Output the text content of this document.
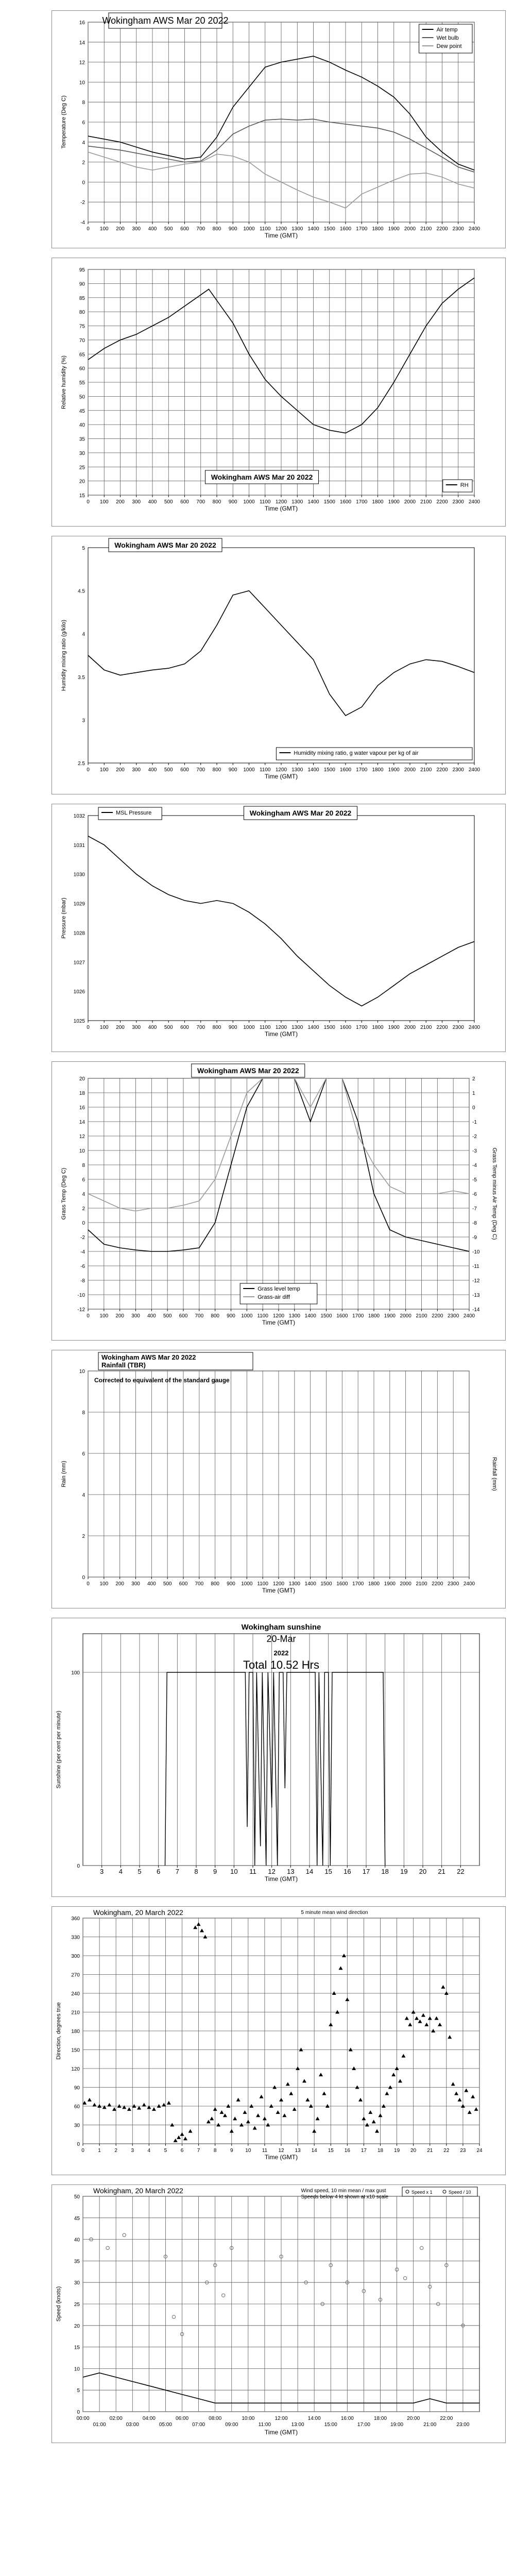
-4
-2
0
2
4
6
8
10
12
14
16
0 100 200 300 400 500 600 700 800 900 1000 1100 1200 1300 1400 1500 1600 1700 1800 1900 2000 2100 2200 2300 2400
Time (GMT)
Temperature (Deg C)
Wokingham AWS Mar 20 2022
Air temp
Wet bulb
Dew point
15
20
25
30
35
40
45
50
55
60
65
70
75
80
85
90
95
0 100 200 300 400 500 600 700 800 900 1000 1100 1200 1300 1400 1500 1600 1700 1800 1900 2000 2100 2200 2300 2400
Time (GMT)
Relative humidity (%)
Wokingham AWS Mar 20 2022
RH
2.5
3
3.5
4
4.5
5
0 100 200 300 400 500 600 700 800 900 1000 1100 1200 1300 1400 1500 1600 1700 1800 1900 2000 2100 2200 2300 2400
Time (GMT)
Humidity mixing ratio (g/kilo)
Wokingham AWS Mar 20 2022
Humidity mixing ratio, g water vapour per kg of air
1025
1026
1027
1028
1029
1030
1031
1032
0 100 200 300 400 500 600 700 800 900 1000 1100 1200 1300 1400 1500 1600 1700 1800 1900 2000 2100 2200 2300 2400
Time (GMT)
Pressure (mbar)
Wokingham AWS Mar 20 2022
MSL Pressure
-12
-10
-8
-6
-4
-2
0
2
4
6
8
10
12
14
16
18
20
0 100 200 300 400 500 600 700 800 900 1000 1100 1200 1300 1400 1500 1600 1700 1800 1900 2000 2100 2200 2300 2400
-14
-13
-12
-11
-10
-9
-8
-7
-6
-5
-4
-3
-2
-1
0
1
2
Time (GMT)
Grass Temp (Deg C)	Grass Temp minus Air Temp (Deg C)
Wokingham AWS Mar 20 2022
Grass level temp
Grass-air diff
0
2
4
6
8
10
0 100 200 300 400 500 600 700 800 900 1000 1100 1200 1300 1400 1500 1600 1700 1800 1900 2000 2100 2200 2300 2400
Time (GMT)
Rain (mm)	Rainfall (mm)
Wokingham AWS Mar 20 2022
Rainfall (TBR)
Corrected to equivalent of the standard gauge
0
100
3 4 5 6 7 8 9 10 11 12 13 14 15 16 17 18 19 20 21 22
Time (GMT)
Sunshine (per cent per minute)
Wokingham sunshine
20-Mar
2022
Total 10.52 Hrs
0
30
60
90
120
150
180
210
240
270
300
330
360
0	1	2	3	4	5	6	7	8	9 10 11 12 13 14 15 16 17 18 19 20 21 22 23 24
Time (GMT)
Direction, degrees true
Wokingham, 20 March 2022	5 minute mean wind direction
0
5
10
15
20
25
30
35
40
45
50
00:00
01:00
02:00
03:00
04:00
05:00
06:00
07:00
08:00
09:00
10:00
11:00
12:00
13:00
14:00
15:00
16:00
17:00
18:00
19:00
20:00
21:00
22:00
23:00
Time (GMT)
Speed (knots)
Wokingham, 20 March 2022	Wind speed, 10 min mean / max gust
Speeds below 4 kt shown at x10 scale
Speed x 1	Speed / 10
